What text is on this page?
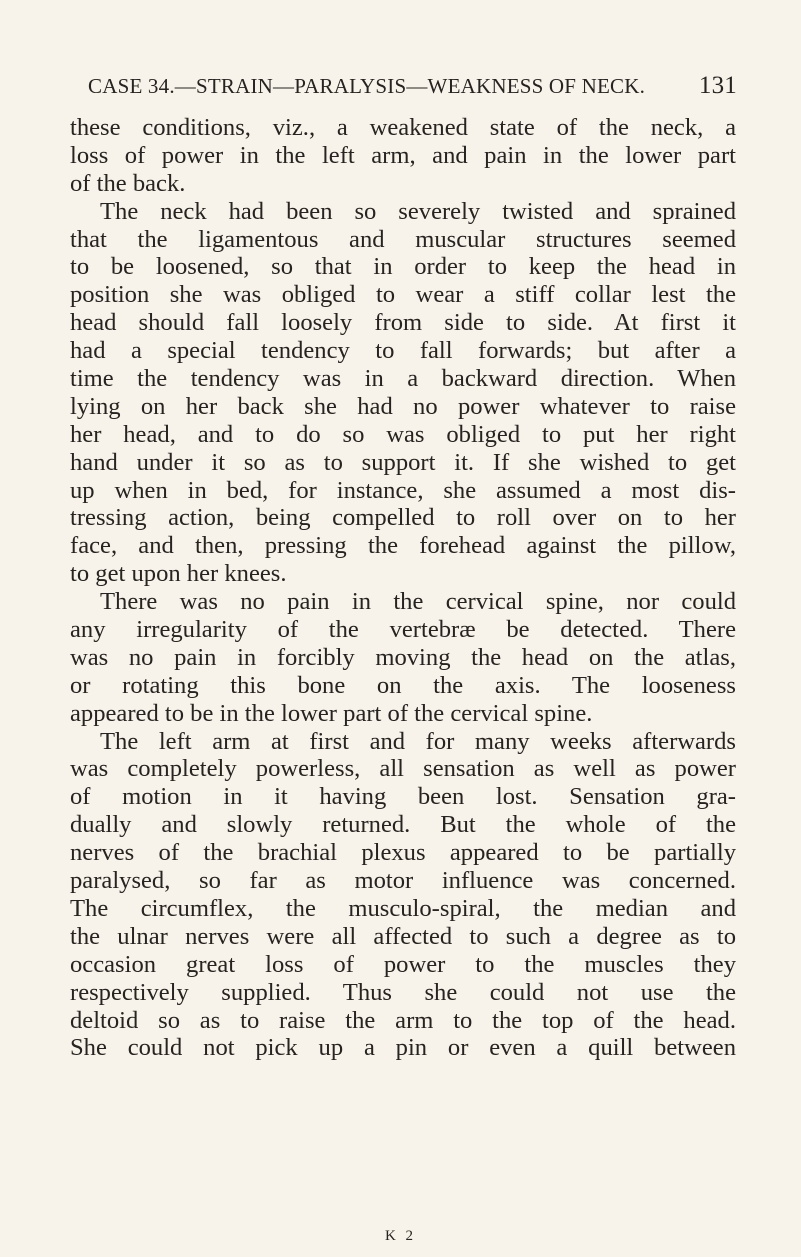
CASE 34.—STRAIN—PARALYSIS—WEAKNESS OF NECK. 131
these conditions, viz., a weakened state of the neck, a
loss of power in the left arm, and pain in the lower part
of the back.
The neck had been so severely twisted and sprained
that the ligamentous and muscular structures seemed
to be loosened, so that in order to keep the head in
position she was obliged to wear a stiff collar lest the
head should fall loosely from side to side. At first it
had a special tendency to fall forwards; but after a
time the tendency was in a backward direction. When
lying on her back she had no power whatever to raise
her head, and to do so was obliged to put her right
hand under it so as to support it. If she wished to get
up when in bed, for instance, she assumed a most dis-
tressing action, being compelled to roll over on to her
face, and then, pressing the forehead against the pillow,
to get upon her knees.
There was no pain in the cervical spine, nor could
any irregularity of the vertebræ be detected. There
was no pain in forcibly moving the head on the atlas,
or rotating this bone on the axis. The looseness
appeared to be in the lower part of the cervical spine.
The left arm at first and for many weeks afterwards
was completely powerless, all sensation as well as power
of motion in it having been lost. Sensation gra-
dually and slowly returned. But the whole of the
nerves of the brachial plexus appeared to be partially
paralysed, so far as motor influence was concerned.
The circumflex, the musculo-spiral, the median and
the ulnar nerves were all affected to such a degree as to
occasion great loss of power to the muscles they
respectively supplied. Thus she could not use the
deltoid so as to raise the arm to the top of the head.
She could not pick up a pin or even a quill between
K 2
